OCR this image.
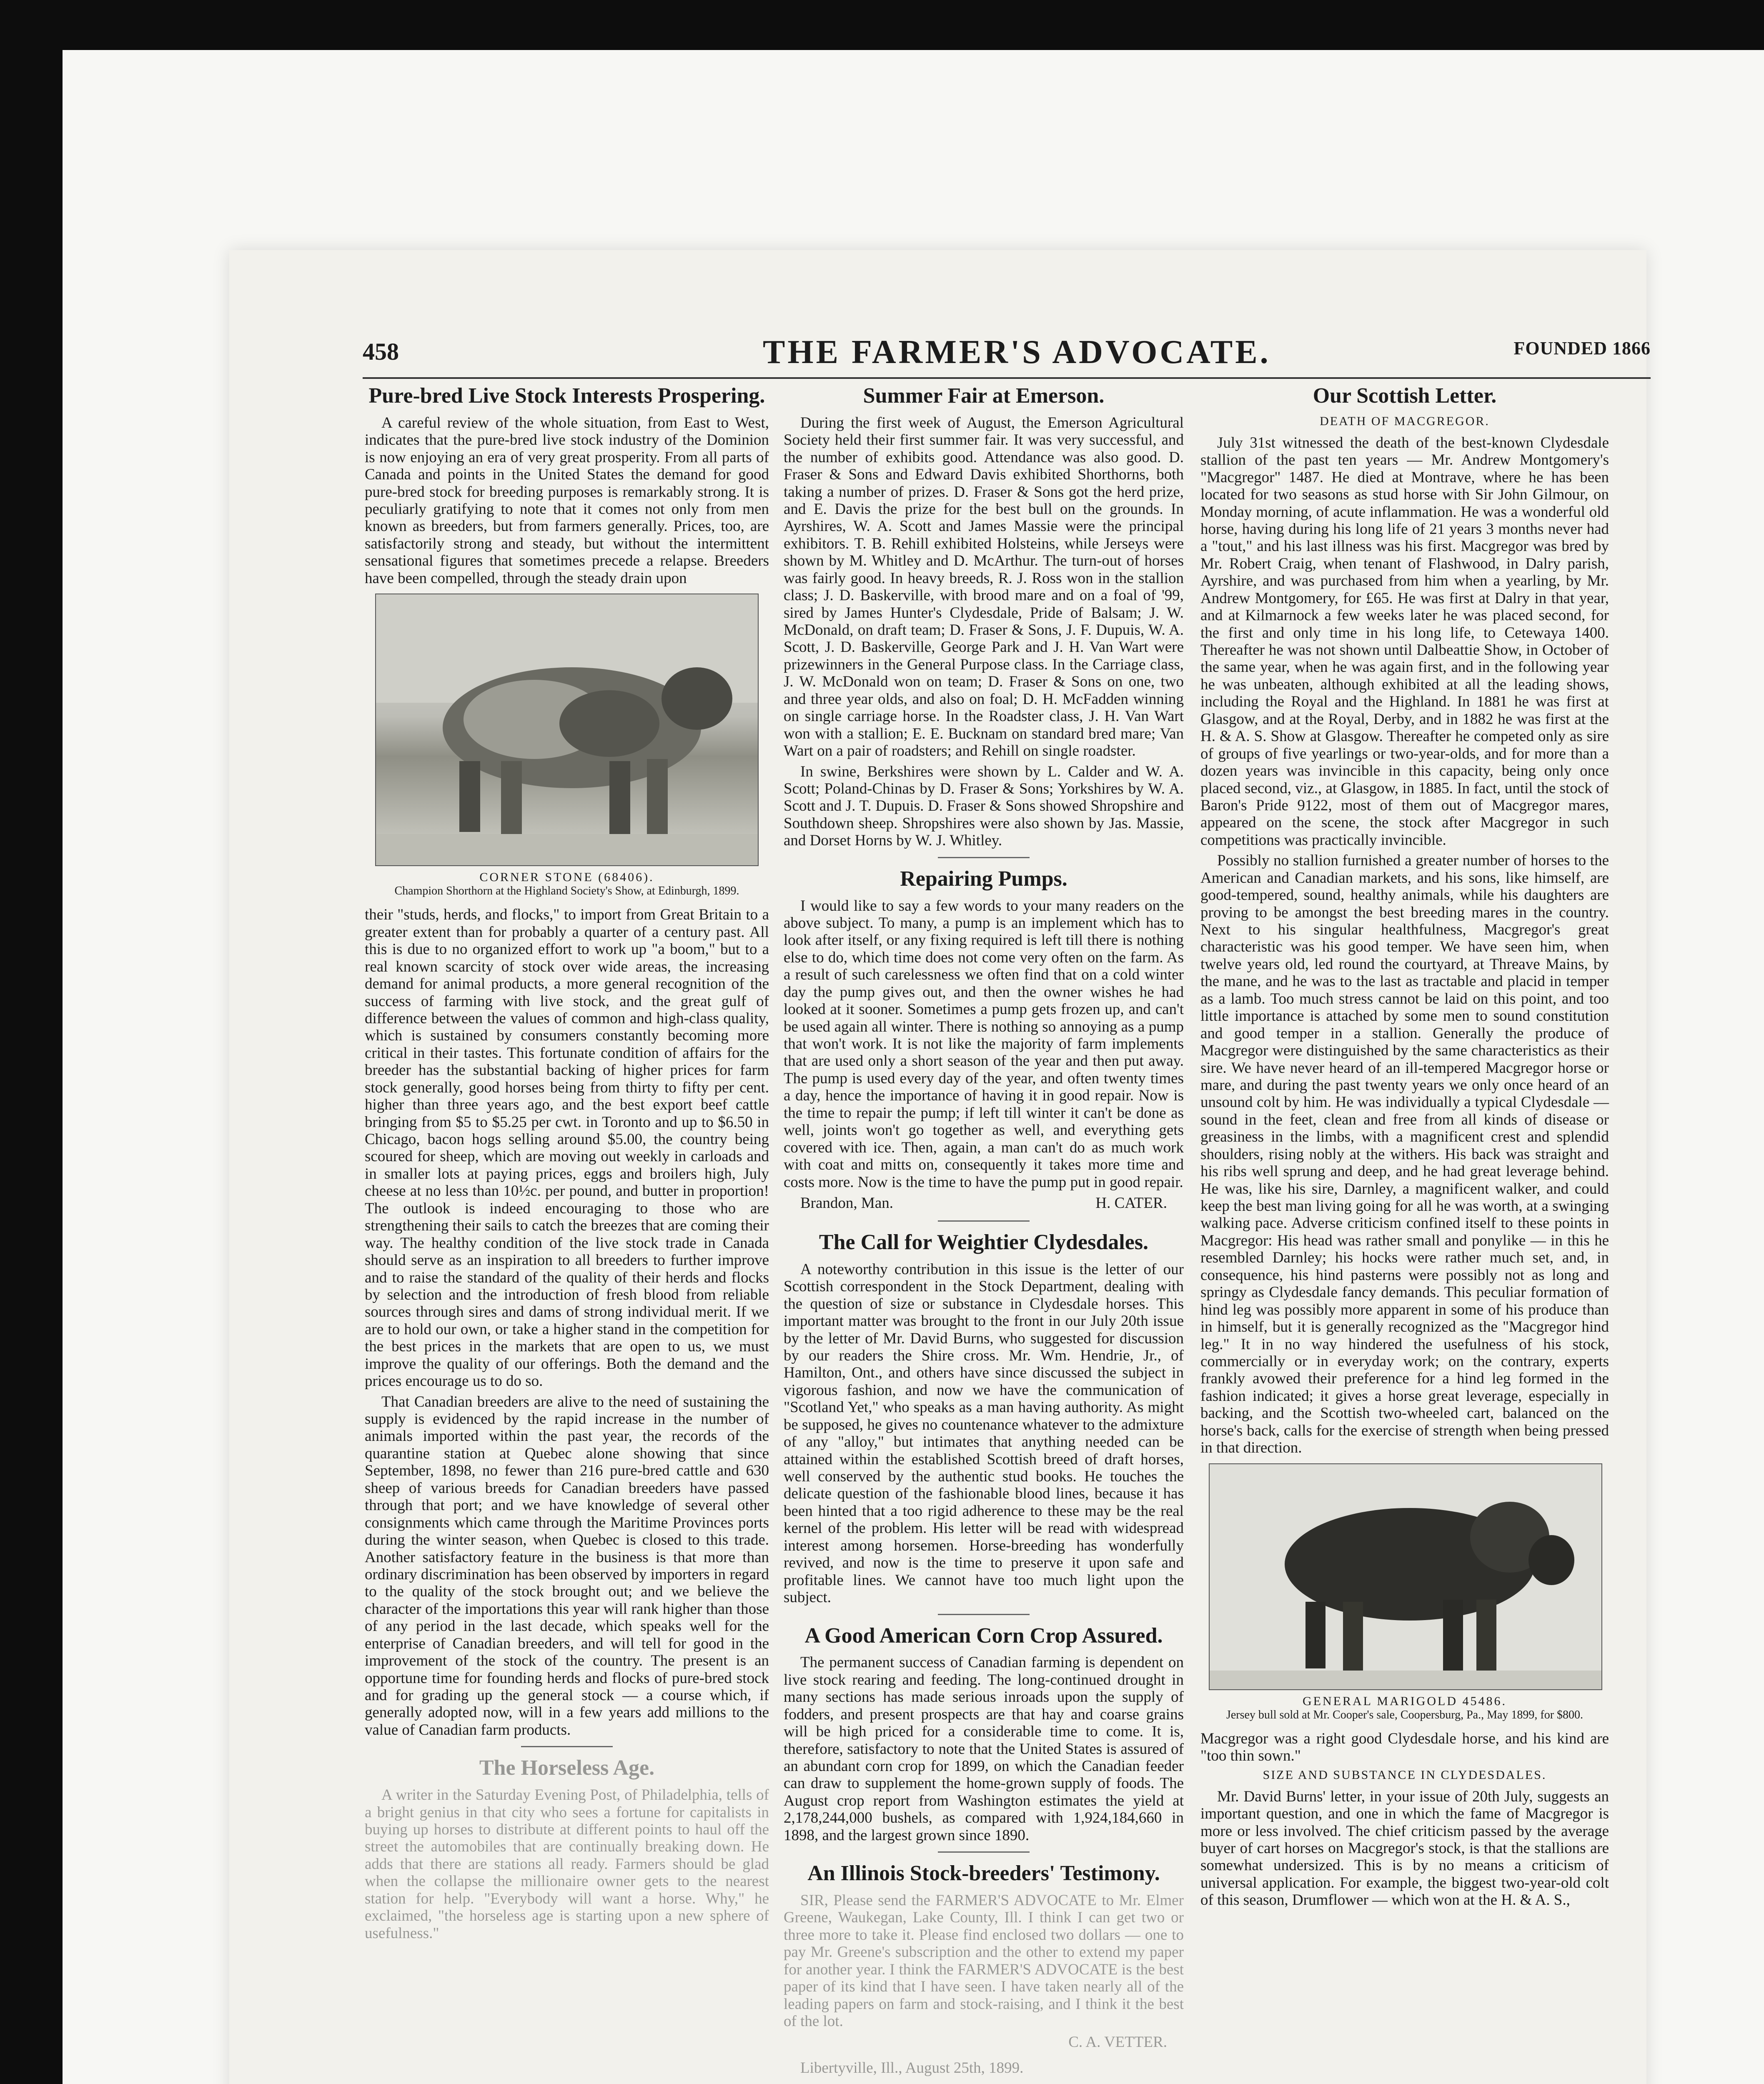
458	THE FARMER'S ADVOCATE.	FOUNDED 1866
Pure-bred Live Stock Interests Prospering.

A careful review of the whole situation, from East to West, indicates that the pure-bred live stock industry of the Dominion is now enjoying an era of very great prosperity. From all parts of Canada and points in the United States the demand for good pure-bred stock for breeding purposes is remarkably strong. It is peculiarly gratifying to note that it comes not only from men known as breeders, but from farmers generally. Prices, too, are satisfactorily strong and steady, but without the intermittent sensational figures that sometimes precede a relapse. Breeders have been compelled, through the steady drain upon

CORNER STONE (68406).
Champion Shorthorn at the Highland Society's Show, at Edinburgh, 1899.

their "studs, herds, and flocks," to import from Great Britain to a greater extent than for probably a quarter of a century past. All this is due to no organized effort to work up "a boom," but to a real known scarcity of stock over wide areas, the increasing demand for animal products, a more general recognition of the success of farming with live stock, and the great gulf of difference between the values of common and high-class quality, which is sustained by consumers constantly becoming more critical in their tastes. This fortunate condition of affairs for the breeder has the substantial backing of higher prices for farm stock generally, good horses being from thirty to fifty per cent. higher than three years ago, and the best export beef cattle bringing from $5 to $5.25 per cwt. in Toronto and up to $6.50 in Chicago, bacon hogs selling around $5.00, the country being scoured for sheep, which are moving out weekly in carloads and in smaller lots at paying prices, eggs and broilers high, July cheese at no less than 10½c. per pound, and butter in proportion! The outlook is indeed encouraging to those who are strengthening their sails to catch the breezes that are coming their way. The healthy condition of the live stock trade in Canada should serve as an inspiration to all breeders to further improve and to raise the standard of the quality of their herds and flocks by selection and the introduction of fresh blood from reliable sources through sires and dams of strong individual merit. If we are to hold our own, or take a higher stand in the competition for the best prices in the markets that are open to us, we must improve the quality of our offerings. Both the demand and the prices encourage us to do so.

That Canadian breeders are alive to the need of sustaining the supply is evidenced by the rapid increase in the number of animals imported within the past year, the records of the quarantine station at Quebec alone showing that since September, 1898, no fewer than 216 pure-bred cattle and 630 sheep of various breeds for Canadian breeders have passed through that port; and we have knowledge of several other consignments which came through the Maritime Provinces ports during the winter season, when Quebec is closed to this trade. Another satisfactory feature in the business is that more than ordinary discrimination has been observed by importers in regard to the quality of the stock brought out; and we believe the character of the importations this year will rank higher than those of any period in the last decade, which speaks well for the enterprise of Canadian breeders, and will tell for good in the improvement of the stock of the country. The present is an opportune time for founding herds and flocks of pure-bred stock and for grading up the general stock — a course which, if generally adopted now, will in a few years add millions to the value of Canadian farm products.

The Horseless Age.

A writer in the Saturday Evening Post, of Philadelphia, tells of a bright genius in that city who sees a fortune for capitalists in buying up horses to distribute at different points to haul off the street the automobiles that are continually breaking down. He adds that there are stations all ready. Farmers should be glad when the collapse the millionaire owner gets to the nearest station for help. "Everybody will want a horse. Why," he exclaimed, "the horseless age is starting upon a new sphere of usefulness."

Summer Fair at Emerson.

During the first week of August, the Emerson Agricultural Society held their first summer fair. It was very successful, and the number of exhibits good. Attendance was also good. D. Fraser & Sons and Edward Davis exhibited Shorthorns, both taking a number of prizes. D. Fraser & Sons got the herd prize, and E. Davis the prize for the best bull on the grounds. In Ayrshires, W. A. Scott and James Massie were the principal exhibitors. T. B. Rehill exhibited Holsteins, while Jerseys were shown by M. Whitley and D. McArthur. The turn-out of horses was fairly good. In heavy breeds, R. J. Ross won in the stallion class; J. D. Baskerville, with brood mare and on a foal of '99, sired by James Hunter's Clydesdale, Pride of Balsam; J. W. McDonald, on draft team; D. Fraser & Sons, J. F. Dupuis, W. A. Scott, J. D. Baskerville, George Park and J. H. Van Wart were prizewinners in the General Purpose class. In the Carriage class, J. W. McDonald won on team; D. Fraser & Sons on one, two and three year olds, and also on foal; D. H. McFadden winning on single carriage horse. In the Roadster class, J. H. Van Wart won with a stallion; E. E. Bucknam on standard bred mare; Van Wart on a pair of roadsters; and Rehill on single roadster.

In swine, Berkshires were shown by L. Calder and W. A. Scott; Poland-Chinas by D. Fraser & Sons; Yorkshires by W. A. Scott and J. T. Dupuis. D. Fraser & Sons showed Shropshire and Southdown sheep. Shropshires were also shown by Jas. Massie, and Dorset Horns by W. J. Whitley.

Repairing Pumps.

I would like to say a few words to your many readers on the above subject. To many, a pump is an implement which has to look after itself, or any fixing required is left till there is nothing else to do, which time does not come very often on the farm. As a result of such carelessness we often find that on a cold winter day the pump gives out, and then the owner wishes he had looked at it sooner. Sometimes a pump gets frozen up, and can't be used again all winter. There is nothing so annoying as a pump that won't work. It is not like the majority of farm implements that are used only a short season of the year and then put away. The pump is used every day of the year, and often twenty times a day, hence the importance of having it in good repair. Now is the time to repair the pump; if left till winter it can't be done as well, joints won't go together as well, and everything gets covered with ice. Then, again, a man can't do as much work with coat and mitts on, consequently it takes more time and costs more. Now is the time to have the pump put in good repair.

Brandon, Man.	H. CATER.
The Call for Weightier Clydesdales.

A noteworthy contribution in this issue is the letter of our Scottish correspondent in the Stock Department, dealing with the question of size or substance in Clydesdale horses. This important matter was brought to the front in our July 20th issue by the letter of Mr. David Burns, who suggested for discussion by our readers the Shire cross. Mr. Wm. Hendrie, Jr., of Hamilton, Ont., and others have since discussed the subject in vigorous fashion, and now we have the communication of "Scotland Yet," who speaks as a man having authority. As might be supposed, he gives no countenance whatever to the admixture of any "alloy," but intimates that anything needed can be attained within the established Scottish breed of draft horses, well conserved by the authentic stud books. He touches the delicate question of the fashionable blood lines, because it has been hinted that a too rigid adherence to these may be the real kernel of the problem. His letter will be read with widespread interest among horsemen. Horse-breeding has wonderfully revived, and now is the time to preserve it upon safe and profitable lines. We cannot have too much light upon the subject.

A Good American Corn Crop Assured.

The permanent success of Canadian farming is dependent on live stock rearing and feeding. The long-continued drought in many sections has made serious inroads upon the supply of fodders, and present prospects are that hay and coarse grains will be high priced for a considerable time to come. It is, therefore, satisfactory to note that the United States is assured of an abundant corn crop for 1899, on which the Canadian feeder can draw to supplement the home-grown supply of foods. The August crop report from Washington estimates the yield at 2,178,244,000 bushels, as compared with 1,924,184,660 in 1898, and the largest grown since 1890.

An Illinois Stock-breeders' Testimony.

SIR, Please send the FARMER'S ADVOCATE to Mr. Elmer Greene, Waukegan, Lake County, Ill. I think I can get two or three more to take it. Please find enclosed two dollars — one to pay Mr. Greene's subscription and the other to extend my paper for another year. I think the FARMER'S ADVOCATE is the best paper of its kind that I have seen. I have taken nearly all of the leading papers on farm and stock-raising, and I think it the best of the lot.

C. A. VETTER.

Libertyville, Ill., August 25th, 1899.

Our Scottish Letter.
DEATH OF MACGREGOR.

July 31st witnessed the death of the best-known Clydesdale stallion of the past ten years — Mr. Andrew Montgomery's "Macgregor" 1487. He died at Montrave, where he has been located for two seasons as stud horse with Sir John Gilmour, on Monday morning, of acute inflammation. He was a wonderful old horse, having during his long life of 21 years 3 months never had a "tout," and his last illness was his first. Macgregor was bred by Mr. Robert Craig, when tenant of Flashwood, in Dalry parish, Ayrshire, and was purchased from him when a yearling, by Mr. Andrew Montgomery, for £65. He was first at Dalry in that year, and at Kilmarnock a few weeks later he was placed second, for the first and only time in his long life, to Cetewaya 1400. Thereafter he was not shown until Dalbeattie Show, in October of the same year, when he was again first, and in the following year he was unbeaten, although exhibited at all the leading shows, including the Royal and the Highland. In 1881 he was first at Glasgow, and at the Royal, Derby, and in 1882 he was first at the H. & A. S. Show at Glasgow. Thereafter he competed only as sire of groups of five yearlings or two-year-olds, and for more than a dozen years was invincible in this capacity, being only once placed second, viz., at Glasgow, in 1885. In fact, until the stock of Baron's Pride 9122, most of them out of Macgregor mares, appeared on the scene, the stock after Macgregor in such competitions was practically invincible.

Possibly no stallion furnished a greater number of horses to the American and Canadian markets, and his sons, like himself, are good-tempered, sound, healthy animals, while his daughters are proving to be amongst the best breeding mares in the country. Next to his singular healthfulness, Macgregor's great characteristic was his good temper. We have seen him, when twelve years old, led round the courtyard, at Threave Mains, by the mane, and he was to the last as tractable and placid in temper as a lamb. Too much stress cannot be laid on this point, and too little importance is attached by some men to sound constitution and good temper in a stallion. Generally the produce of Macgregor were distinguished by the same characteristics as their sire. We have never heard of an ill-tempered Macgregor horse or mare, and during the past twenty years we only once heard of an unsound colt by him. He was individually a typical Clydesdale — sound in the feet, clean and free from all kinds of disease or greasiness in the limbs, with a magnificent crest and splendid shoulders, rising nobly at the withers. His back was straight and his ribs well sprung and deep, and he had great leverage behind. He was, like his sire, Darnley, a magnificent walker, and could keep the best man living going for all he was worth, at a swinging walking pace. Adverse criticism confined itself to these points in Macgregor: His head was rather small and ponylike — in this he resembled Darnley; his hocks were rather much set, and, in consequence, his hind pasterns were possibly not as long and springy as Clydesdale fancy demands. This peculiar formation of hind leg was possibly more apparent in some of his produce than in himself, but it is generally recognized as the "Macgregor hind leg." It in no way hindered the usefulness of his stock, commercially or in everyday work; on the contrary, experts frankly avowed their preference for a hind leg formed in the fashion indicated; it gives a horse great leverage, especially in backing, and the Scottish two-wheeled cart, balanced on the horse's back, calls for the exercise of strength when being pressed in that direction.

GENERAL MARIGOLD 45486.
Jersey bull sold at Mr. Cooper's sale, Coopersburg, Pa., May 1899, for $800.

Macgregor was a right good Clydesdale horse, and his kind are "too thin sown."

SIZE AND SUBSTANCE IN CLYDESDALES.

Mr. David Burns' letter, in your issue of 20th July, suggests an important question, and one in which the fame of Macgregor is more or less involved. The chief criticism passed by the average buyer of cart horses on Macgregor's stock, is that the stallions are somewhat undersized. This is by no means a criticism of universal application. For example, the biggest two-year-old colt of this season, Drumflower — which won at the H. & A. S.,
